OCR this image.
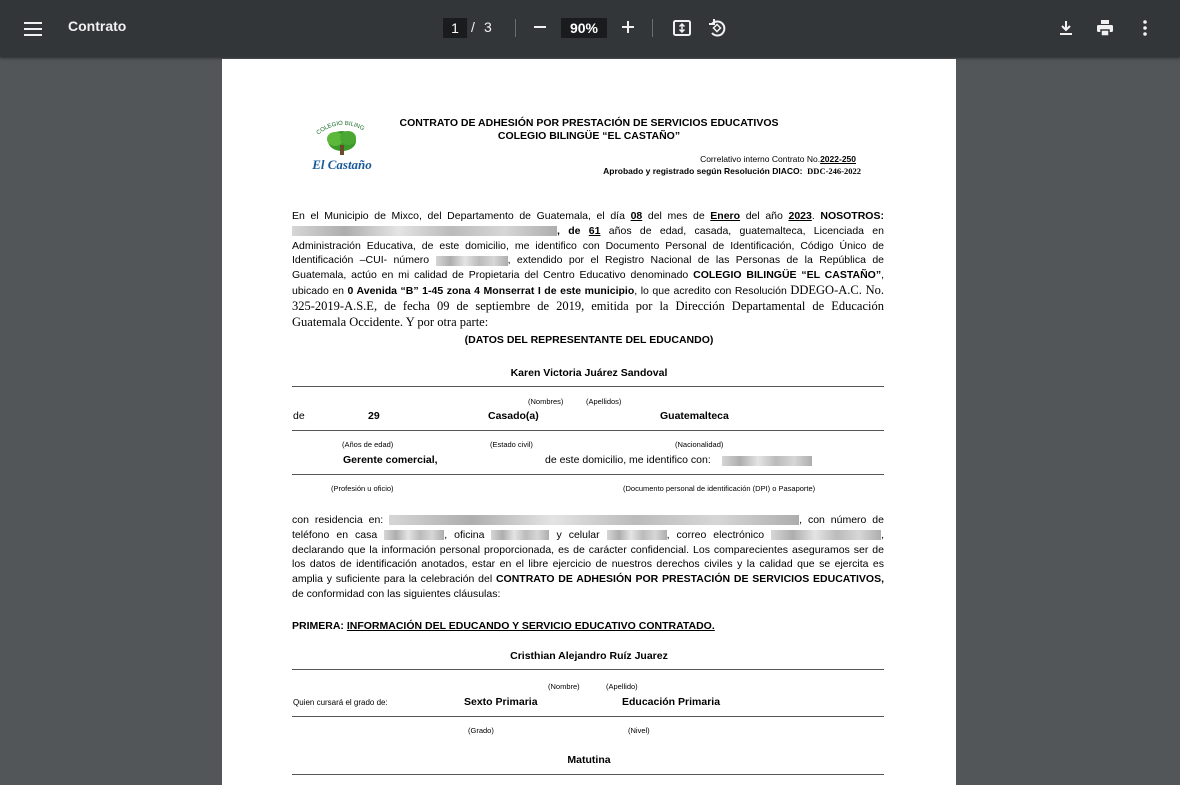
Contrato	1 / 3	90%
COLEGIO BILING
El Castaño
CONTRATO DE ADHESIÓN POR PRESTACIÓN DE SERVICIOS EDUCATIVOS
COLEGIO BILINGÜE “EL CASTAÑO”
Correlativo interno Contrato No.2022-250
Aprobado y registrado según Resolución DIACO: DDC-246-2022
En el Municipio de Mixco, del Departamento de Guatemala, el día 08 del mes de Enero del año 2023. NOSOTROS: , de 61 años de edad, casada, guatemalteca, Licenciada en Administración Educativa, de este domicilio, me identifico con Documento Personal de Identificación, Código Único de Identificación –CUI- número	, extendido por el Registro Nacional de las Personas de la República de Guatemala, actúo en mi calidad de Propietaria del Centro Educativo denominado COLEGIO BILINGÜE “EL CASTAÑO”, ubicado en 0 Avenida “B” 1-45 zona 4 Monserrat I de este municipio, lo que acredito con Resolución DDEGO-A.C. No. 325-2019-A.S.E, de fecha 09 de septiembre de 2019, emitida por la Dirección Departamental de Educación Guatemala Occidente. Y por otra parte:
(DATOS DEL REPRESENTANTE DEL EDUCANDO)
Karen Victoria Juárez Sandoval
(Nombres)	(Apellidos)
de	29	Casado(a)	Guatemalteca
(Años de edad)	(Estado civil)	(Nacionalidad)
Gerente comercial,	de este domicilio, me identifico con:
(Profesión u oficio)	(Documento personal de identificación (DPI) o Pasaporte)
con residencia en:	, con número de teléfono en casa	, oficina	y celular	, correo electrónico	, declarando que la información personal proporcionada, es de carácter confidencial. Los comparecientes aseguramos ser de los datos de identificación anotados, estar en el libre ejercicio de nuestros derechos civiles y la calidad que se ejercita es amplia y suficiente para la celebración del CONTRATO DE ADHESIÓN POR PRESTACIÓN DE SERVICIOS EDUCATIVOS, de conformidad con las siguientes cláusulas:
PRIMERA: INFORMACIÓN DEL EDUCANDO Y SERVICIO EDUCATIVO CONTRATADO.
Cristhian Alejandro Ruíz Juarez
(Nombre)	(Apellido)
Quien cursará el grado de:	Sexto Primaria	Educación Primaria
(Grado)	(Nivel)
Matutina
